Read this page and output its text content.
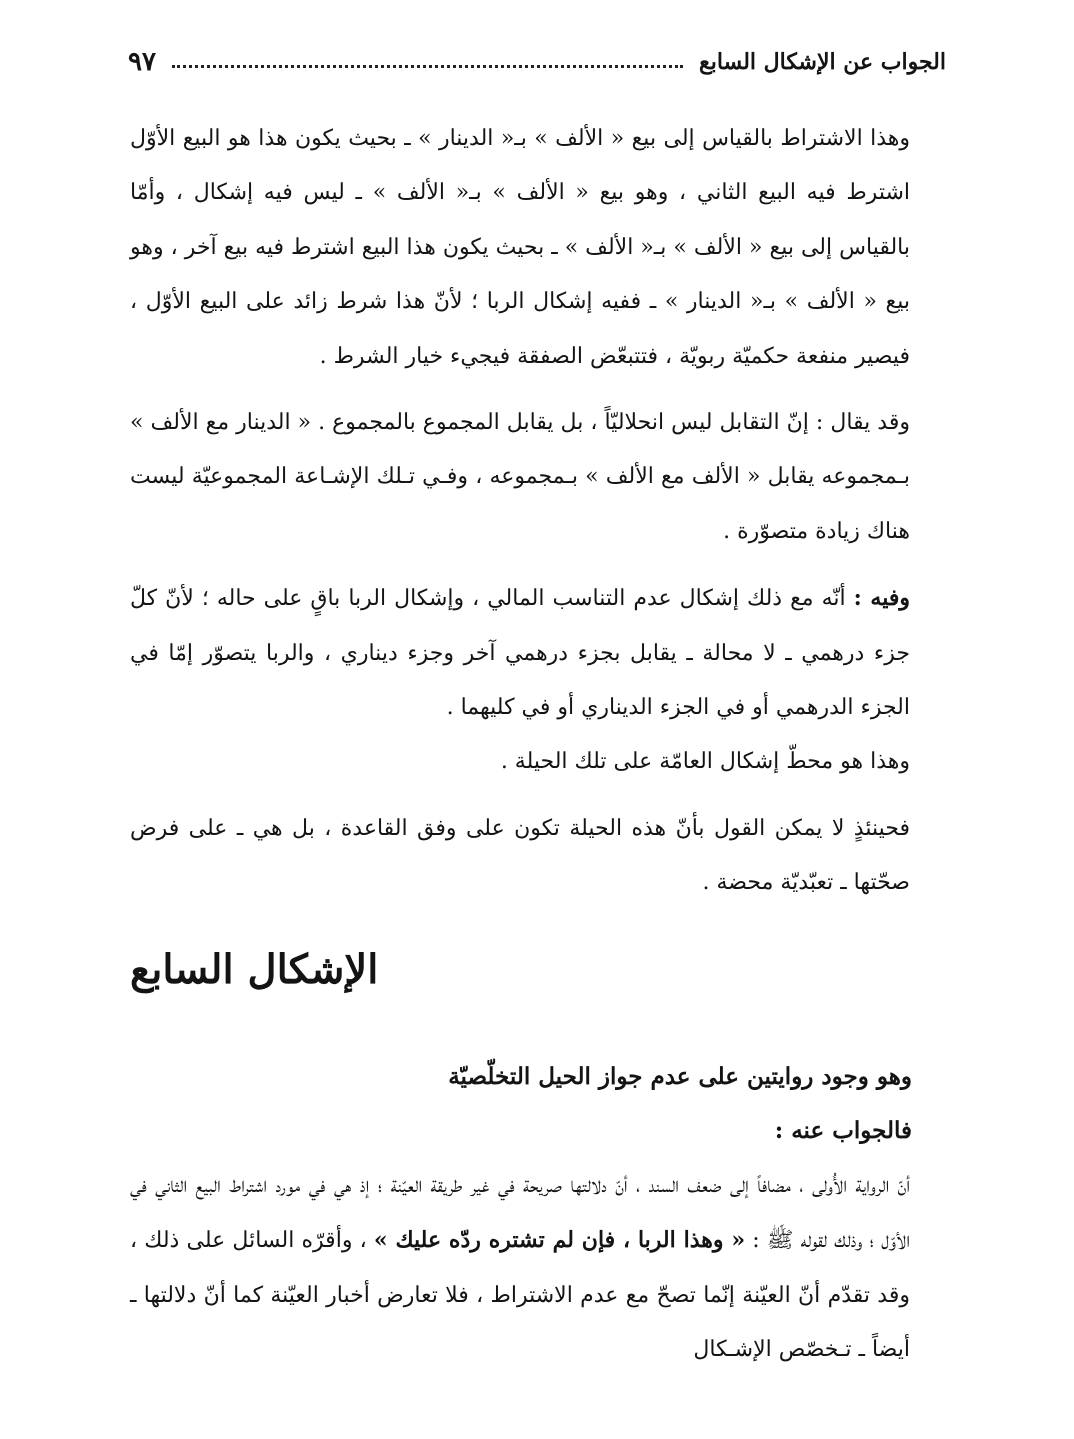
الجواب عن الإشكال السابع
٩٧

وهذا الاشتراط بالقياس إلى بيع « الألف » بـ« الدينار » ـ بحيث يكون هذا هو البيع الأوّل اشترط فيه البيع الثاني ، وهو بيع « الألف » بـ« الألف » ـ ليس فيه إشكال ، وأمّا بالقياس إلى بيع « الألف » بـ« الألف » ـ بحيث يكون هذا البيع اشترط فيه بيع آخر ، وهو بيع « الألف » بـ« الدينار » ـ ففيه إشكال الربا ؛ لأنّ هذا شرط زائد على البيع الأوّل ، فيصير منفعة حكميّة ربويّة ، فتتبعّض الصفقة فيجيء خيار الشرط .

وقد يقال : إنّ التقابل ليس انحلاليّاً ، بل يقابل المجموع بالمجموع . « الدينار مع الألف » بـمجموعه يقابل « الألف مع الألف » بـمجموعه ، وفـي تـلك الإشـاعة المجموعيّة ليست هناك زيادة متصوّرة .

وفيه : أنّه مع ذلك إشكال عدم التناسب المالي ، وإشكال الربا باقٍ على حاله ؛ لأنّ كلّ جزء درهمي ـ لا محالة ـ يقابل بجزء درهمي آخر وجزء ديناري ، والربا يتصوّر إمّا في الجزء الدرهمي أو في الجزء الديناري أو في كليهما .

وهذا هو محطّ إشكال العامّة على تلك الحيلة .

فحينئذٍ لا يمكن القول بأنّ هذه الحيلة تكون على وفق القاعدة ، بل هي ـ على فرض صحّتها ـ تعبّديّة محضة .

الإشكال السابع

وهو وجود روايتين على عدم جواز الحيل التخلّصيّة

فالجواب عنه :

أنّ الرواية الأُولى ، مضافاً إلى ضعف السند ، أنّ دلالتها صريحة في غير طريقة العيّنة ؛ إذ هي في مورد اشتراط البيع الثاني في الأوّل ؛ وذلك لقوله ﷺ : « وهذا الربا ، فإن لم تشتره ردّه عليك » ، وأقرّه السائل على ذلك ، وقد تقدّم أنّ العيّنة إنّما تصحّ مع عدم الاشتراط ، فلا تعارض أخبار العيّنة كما أنّ دلالتها ـ أيضاً ـ تـخصّص الإشـكال
